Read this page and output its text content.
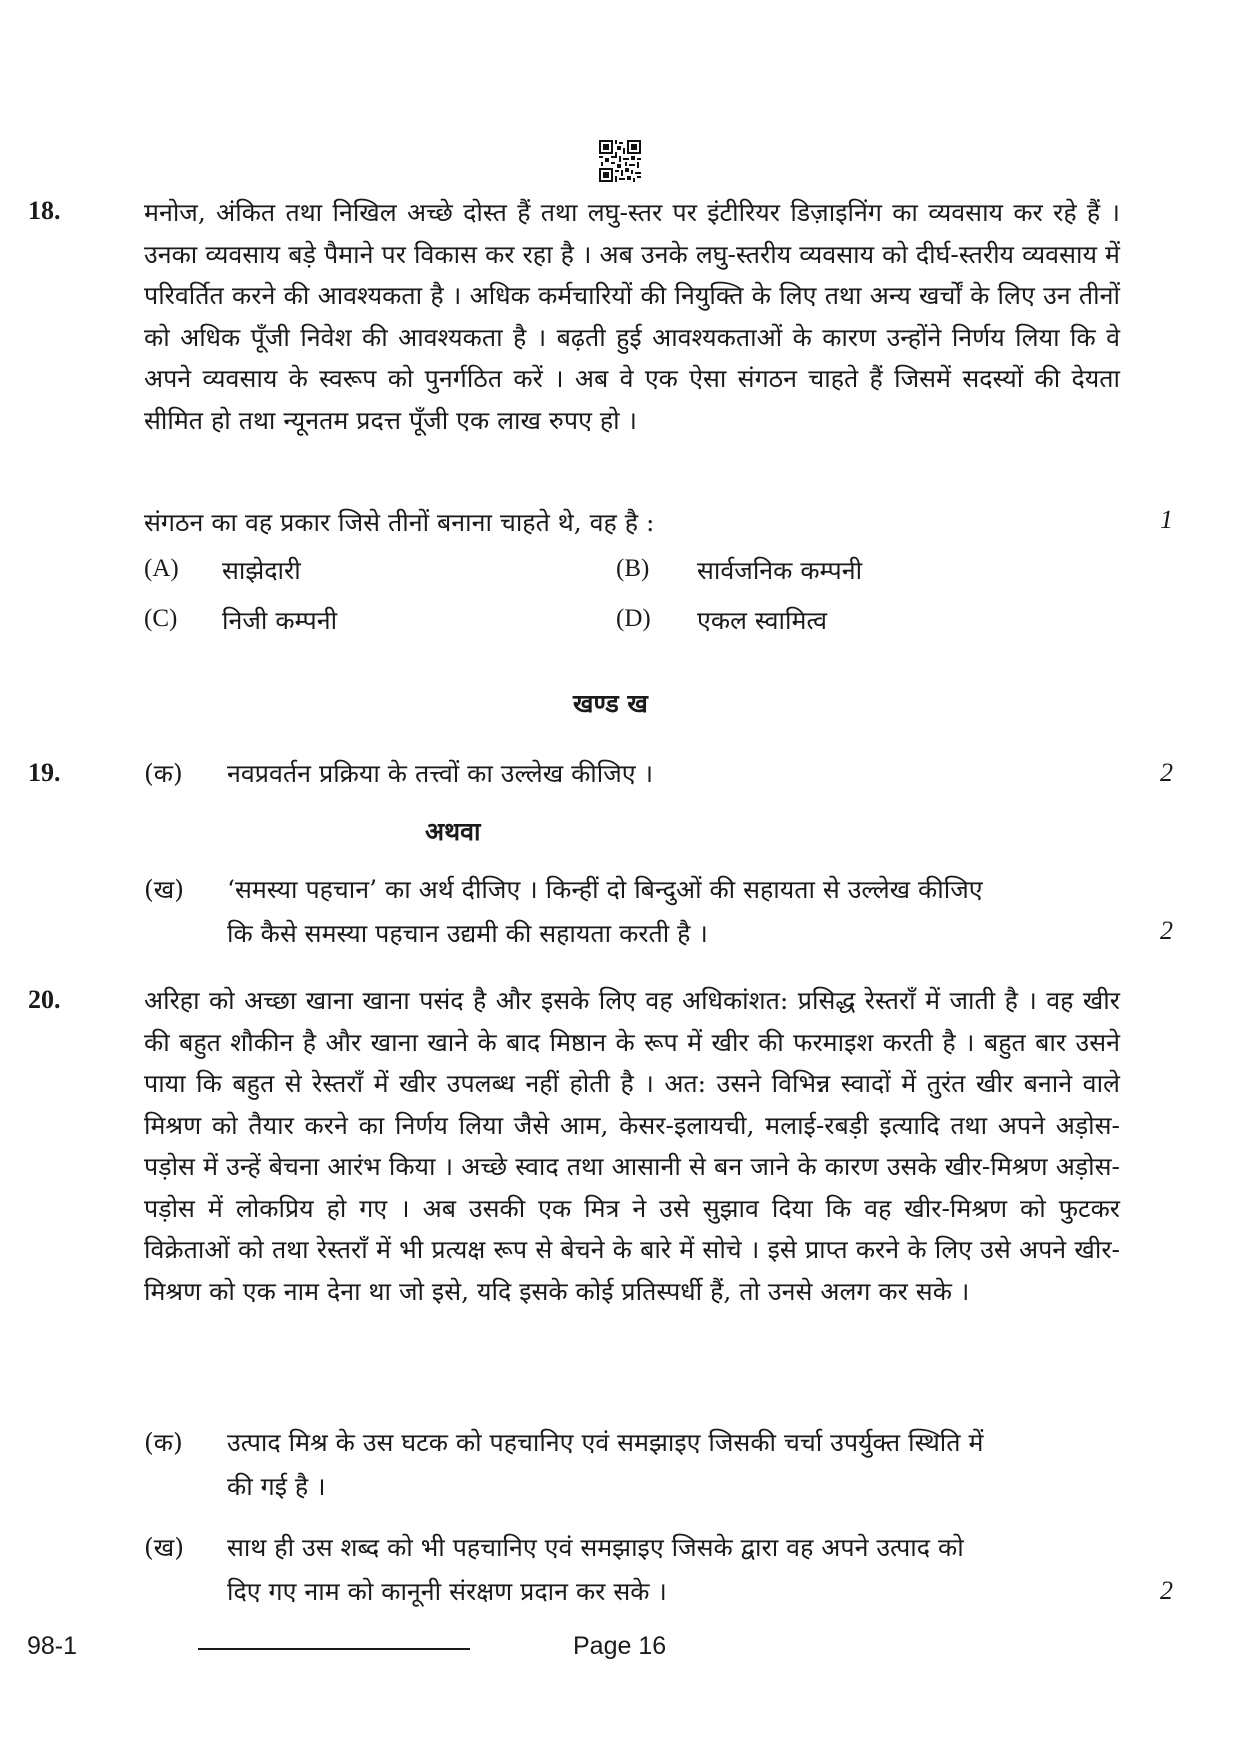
18.	मनोज, अंकित तथा निखिल अच्छे दोस्त हैं तथा लघु-स्तर पर इंटीरियर डिज़ाइनिंग का व्यवसाय कर रहे हैं । उनका व्यवसाय बड़े पैमाने पर विकास कर रहा है । अब उनके लघु-स्तरीय व्यवसाय को दीर्घ-स्तरीय व्यवसाय में परिवर्तित करने की आवश्यकता है । अधिक कर्मचारियों की नियुक्ति के लिए तथा अन्य खर्चों के लिए उन तीनों को अधिक पूँजी निवेश की आवश्यकता है । बढ़ती हुई आवश्यकताओं के कारण उन्होंने निर्णय लिया कि वे अपने व्यवसाय के स्वरूप को पुनर्गठित करें । अब वे एक ऐसा संगठन चाहते हैं जिसमें सदस्यों की देयता सीमित हो तथा न्यूनतम प्रदत्त पूँजी एक लाख रुपए हो ।
संगठन का वह प्रकार जिसे तीनों बनाना चाहते थे, वह है :	1
(A) साझेदारी	(B) सार्वजनिक कम्पनी
(C) निजी कम्पनी	(D) एकल स्वामित्व
खण्ड ख
19.	(क) नवप्रवर्तन प्रक्रिया के तत्त्वों का उल्लेख कीजिए ।	2
अथवा
(ख) ‘समस्या पहचान’ का अर्थ दीजिए । किन्हीं दो बिन्दुओं की सहायता से उल्लेख कीजिए
कि कैसे समस्या पहचान उद्यमी की सहायता करती है ।	2
20.	अरिहा को अच्छा खाना खाना पसंद है और इसके लिए वह अधिकांशत: प्रसिद्ध रेस्तराँ में जाती है । वह खीर की बहुत शौकीन है और खाना खाने के बाद मिष्ठान के रूप में खीर की फरमाइश करती है । बहुत बार उसने पाया कि बहुत से रेस्तराँ में खीर उपलब्ध नहीं होती है । अत: उसने विभिन्न स्वादों में तुरंत खीर बनाने वाले मिश्रण को तैयार करने का निर्णय लिया जैसे आम, केसर-इलायची, मलाई-रबड़ी इत्यादि तथा अपने अड़ोस-पड़ोस में उन्हें बेचना आरंभ किया । अच्छे स्वाद तथा आसानी से बन जाने के कारण उसके खीर-मिश्रण अड़ोस-पड़ोस में लोकप्रिय हो गए । अब उसकी एक मित्र ने उसे सुझाव दिया कि वह खीर-मिश्रण को फुटकर विक्रेताओं को तथा रेस्तराँ में भी प्रत्यक्ष रूप से बेचने के बारे में सोचे । इसे प्राप्त करने के लिए उसे अपने खीर-मिश्रण को एक नाम देना था जो इसे, यदि इसके कोई प्रतिस्पर्धी हैं, तो उनसे अलग कर सके ।
(क) उत्पाद मिश्र के उस घटक को पहचानिए एवं समझाइए जिसकी चर्चा उपर्युक्त स्थिति में
की गई है ।
(ख) साथ ही उस शब्द को भी पहचानिए एवं समझाइए जिसके द्वारा वह अपने उत्पाद को
दिए गए नाम को कानूनी संरक्षण प्रदान कर सके ।	2
98-1	Page 16
